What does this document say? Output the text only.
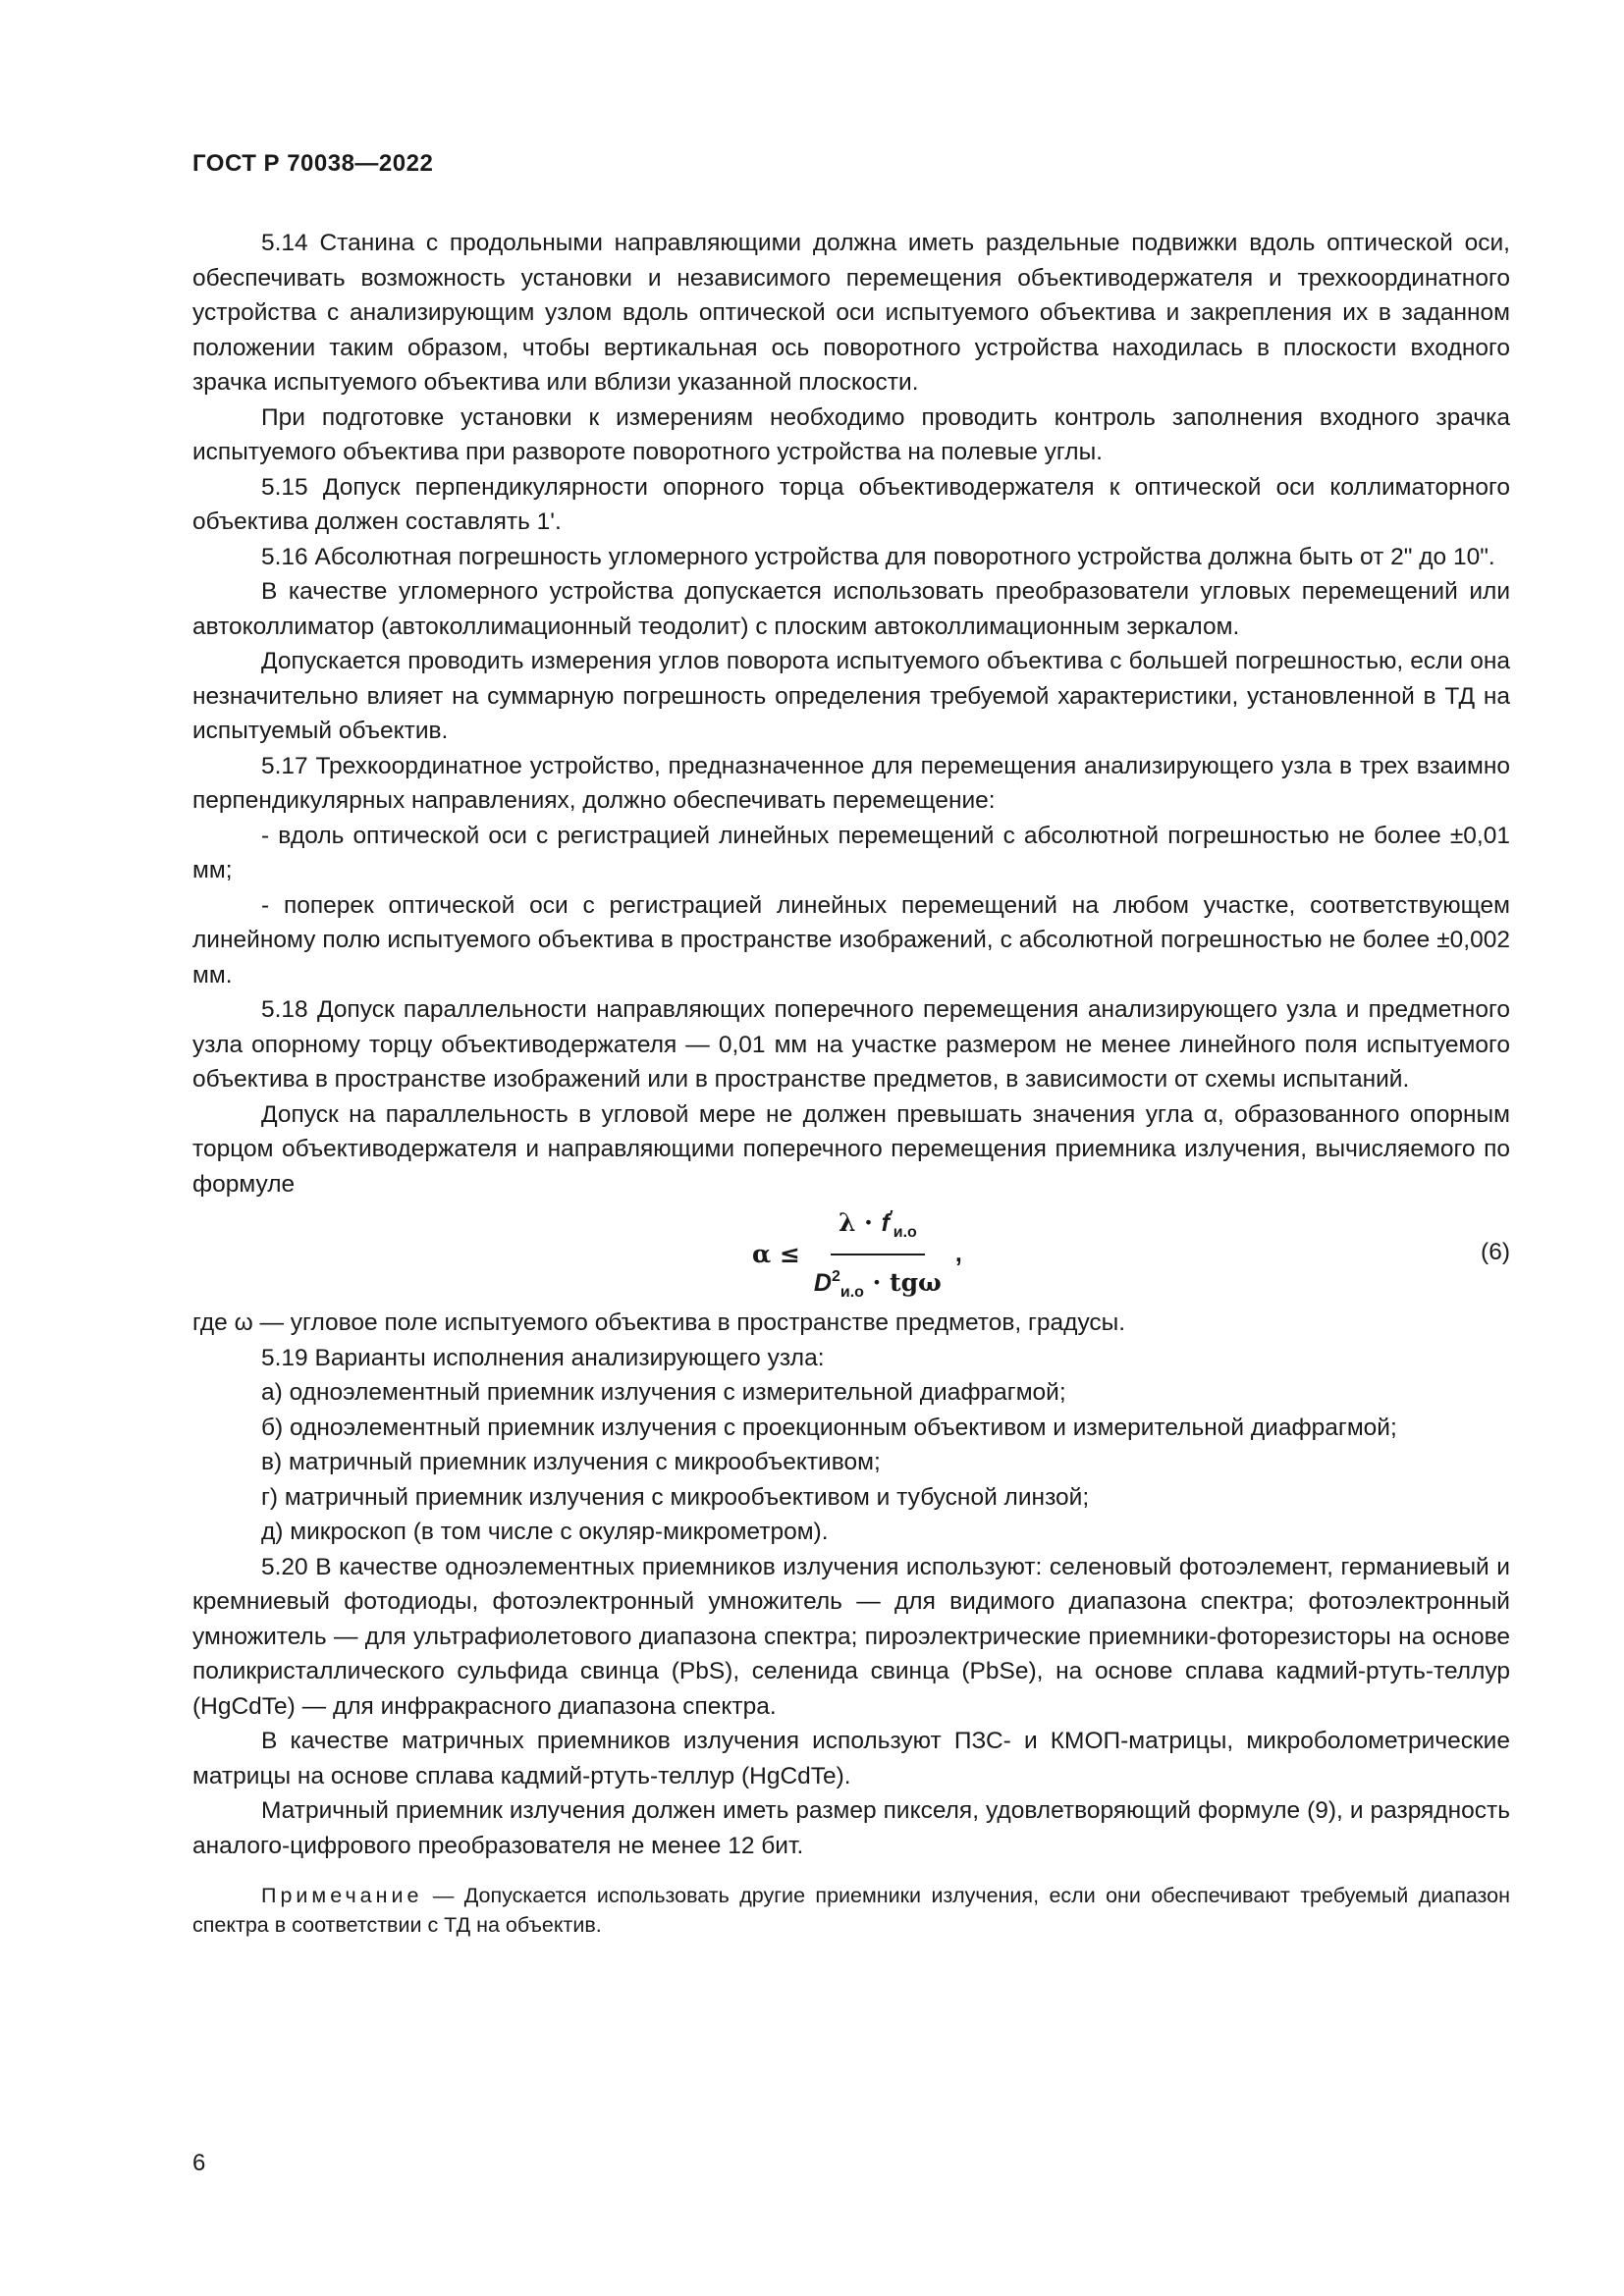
ГОСТ Р 70038—2022

5.14 Станина с продольными направляющими должна иметь раздельные подвижки вдоль оптической оси, обеспечивать возможность установки и независимого перемещения объективодержателя и трехкоординатного устройства с анализирующим узлом вдоль оптической оси испытуемого объектива и закрепления их в заданном положении таким образом, чтобы вертикальная ось поворотного устройства находилась в плоскости входного зрачка испытуемого объектива или вблизи указанной плоскости.

При подготовке установки к измерениям необходимо проводить контроль заполнения входного зрачка испытуемого объектива при развороте поворотного устройства на полевые углы.

5.15 Допуск перпендикулярности опорного торца объективодержателя к оптической оси коллиматорного объектива должен составлять 1'.

5.16 Абсолютная погрешность угломерного устройства для поворотного устройства должна быть от 2" до 10".

В качестве угломерного устройства допускается использовать преобразователи угловых перемещений или автоколлиматор (автоколлимационный теодолит) с плоским автоколлимационным зеркалом.

Допускается проводить измерения углов поворота испытуемого объектива с большей погрешностью, если она незначительно влияет на суммарную погрешность определения требуемой характеристики, установленной в ТД на испытуемый объектив.

5.17 Трехкоординатное устройство, предназначенное для перемещения анализирующего узла в трех взаимно перпендикулярных направлениях, должно обеспечивать перемещение:

- вдоль оптической оси с регистрацией линейных перемещений с абсолютной погрешностью не более ±0,01 мм;

- поперек оптической оси с регистрацией линейных перемещений на любом участке, соответствующем линейному полю испытуемого объектива в пространстве изображений, с абсолютной погрешностью не более ±0,002 мм.

5.18 Допуск параллельности направляющих поперечного перемещения анализирующего узла и предметного узла опорному торцу объективодержателя — 0,01 мм на участке размером не менее линейного поля испытуемого объектива в пространстве изображений или в пространстве предметов, в зависимости от схемы испытаний.

Допуск на параллельность в угловой мере не должен превышать значения угла α, образованного опорным торцом объективодержателя и направляющими поперечного перемещения приемника излучения, вычисляемого по формуле

$\alpha \le \frac{\lambda \cdot f'_{и.о}}{D^2_{и.о} \cdot tg\omega}$ ,	(6)

где ω — угловое поле испытуемого объектива в пространстве предметов, градусы.

5.19 Варианты исполнения анализирующего узла:

а) одноэлементный приемник излучения с измерительной диафрагмой;

б) одноэлементный приемник излучения с проекционным объективом и измерительной диафрагмой;

в) матричный приемник излучения с микрообъективом;

г) матричный приемник излучения с микрообъективом и тубусной линзой;

д) микроскоп (в том числе с окуляр-микрометром).

5.20 В качестве одноэлементных приемников излучения используют: селеновый фотоэлемент, германиевый и кремниевый фотодиоды, фотоэлектронный умножитель — для видимого диапазона спектра; фотоэлектронный умножитель — для ультрафиолетового диапазона спектра; пироэлектрические приемники-фоторезисторы на основе поликристаллического сульфида свинца (PbS), селенида свинца (PbSe), на основе сплава кадмий-ртуть-теллур (HgCdTe) — для инфракрасного диапазона спектра.

В качестве матричных приемников излучения используют ПЗС- и КМОП-матрицы, микроболометрические матрицы на основе сплава кадмий-ртуть-теллур (HgCdTe).

Матричный приемник излучения должен иметь размер пикселя, удовлетворяющий формуле (9), и разрядность аналого-цифрового преобразователя не менее 12 бит.

Примечание — Допускается использовать другие приемники излучения, если они обеспечивают требуемый диапазон спектра в соответствии с ТД на объектив.

6
